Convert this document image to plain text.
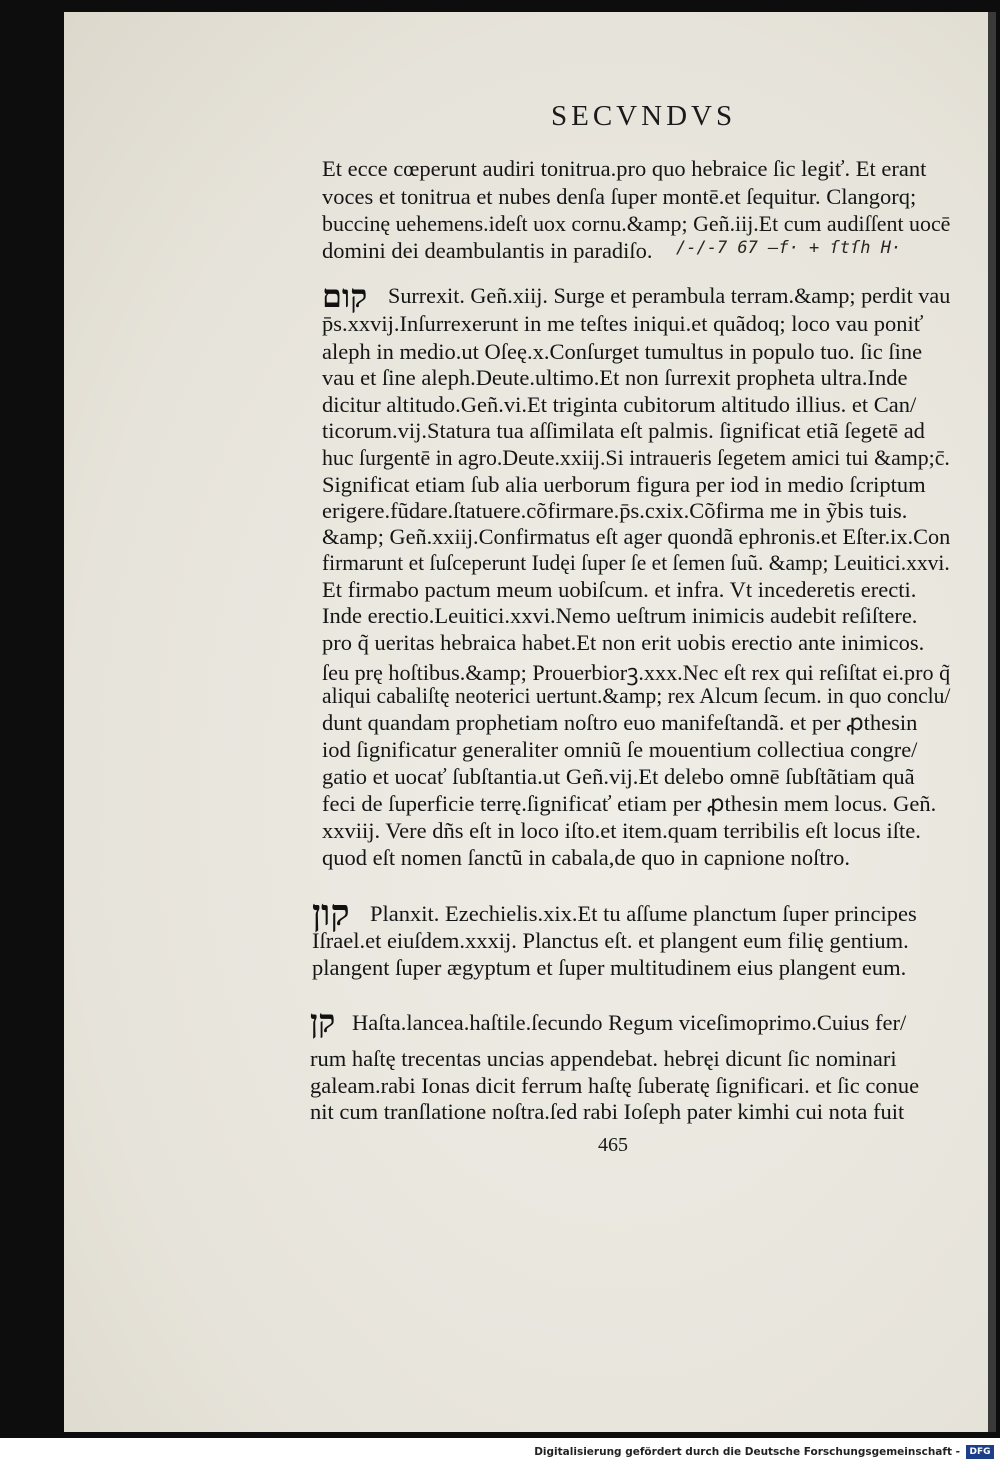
SECVNDVS
Et ecce cœperunt audiri tonitrua.pro quo hebraice ſic legiť. Et erant
voces et tonitrua et nubes denſa ſuper montē.et ſequitur. Clangorq;
buccinę uehemens.ideſt uox cornu.&amp; Geñ.iij.Et cum audiſſent uocē
domini dei deambulantis in paradiſo. /-/-7 67 —f· + ſtſh H·
קום Surrexit. Geñ.xiij. Surge et perambula terram.&amp; perdit vau
p̄s.xxvij.Inſurrexerunt in me teſtes iniqui.et quãdoq; loco vau poniť
aleph in medio.ut Oſeę.x.Conſurget tumultus in populo tuo. ſic ſine
vau et ſine aleph.Deute.ultimo.Et non ſurrexit propheta ultra.Inde
dicitur altitudo.Geñ.vi.Et triginta cubitorum altitudo illius. et Can/
ticorum.vij.Statura tua aſſimilata eſt palmis. ſignificat etiã ſegetē ad
huc ſurgentē in agro.Deute.xxiij.Si intraueris ſegetem amici tui &amp;c̄.
Significat etiam ſub alia uerborum figura per iod in medio ſcriptum
erigere.fũdare.ſtatuere.cõfirmare.p̄s.cxix.Cõfirma me in ỹbis tuis.
&amp; Geñ.xxiij.Confirmatus eſt ager quondã ephronis.et Eſter.ix.Con
firmarunt et ſuſceperunt Iudęi ſuper ſe et ſemen ſuũ. &amp; Leuitici.xxvi.
Et firmabo pactum meum uobiſcum. et infra. Vt incederetis erecti.
Inde erectio.Leuitici.xxvi.Nemo ueſtrum inimicis audebit reſiſtere.
pro q̃ ueritas hebraica habet.Et non erit uobis erectio ante inimicos.
ſeu prę hoſtibus.&amp; Prouerbiorꝫ.xxx.Nec eſt rex qui reſiſtat ei.pro q̃
aliqui cabaliſtę neoterici uertunt.&amp; rex Alcum ſecum. in quo conclu/
dunt quandam prophetiam noſtro euo manifeſtandã. et per ꝓthesin
iod ſignificatur generaliter omniũ ſe mouentium collectiua congre/
gatio et uocať ſubſtantia.ut Geñ.vij.Et delebo omnē ſubſtãtiam quã
feci de ſuperficie terrę.ſignificať etiam per ꝓthesin mem locus. Geñ.
xxviij. Vere dñs eſt in loco iſto.et item.quam terribilis eſt locus iſte.
quod eſt nomen ſanctũ in cabala,de quo in capnione noſtro.
קון Planxit. Ezechielis.xix.Et tu aſſume planctum ſuper principes
Iſrael.et eiuſdem.xxxij. Planctus eſt. et plangent eum filię gentium.
plangent ſuper ægyptum et ſuper multitudinem eius plangent eum.
קן Haſta.lancea.haſtile.ſecundo Regum viceſimoprimo.Cuius fer/
rum haſtę trecentas uncias appendebat. hebręi dicunt ſic nominari
galeam.rabi Ionas dicit ferrum haſtę ſuberatę ſignificari. et ſic conue
nit cum tranſlatione noſtra.ſed rabi Ioſeph pater kimhi cui nota fuit
465
Digitalisierung gefördert durch die Deutsche Forschungsgemeinschaft -	DFG
